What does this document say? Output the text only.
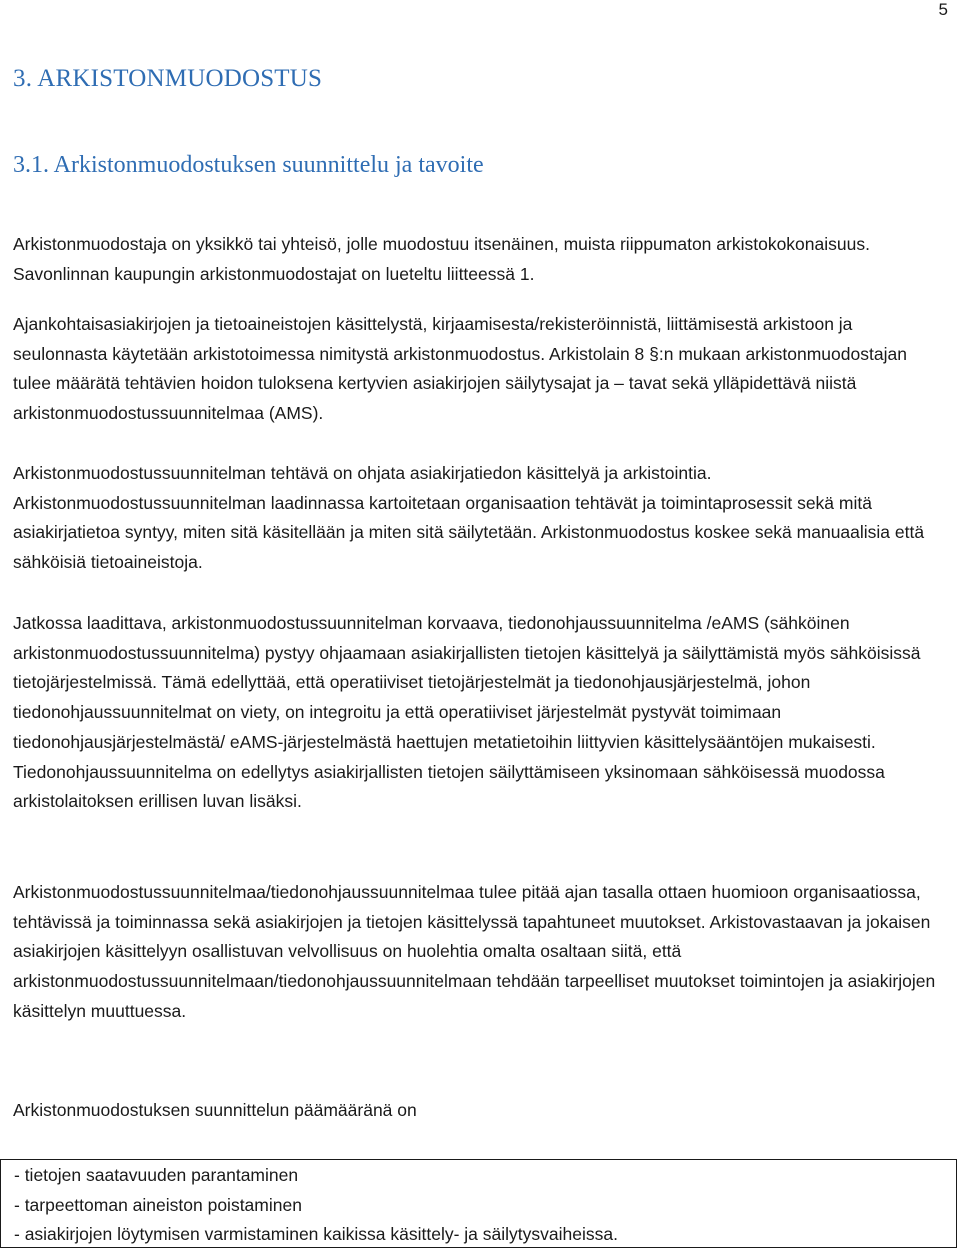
5
3. ARKISTONMUODOSTUS
3.1. Arkistonmuodostuksen suunnittelu ja tavoite

Arkistonmuodostaja on yksikkö tai yhteisö, jolle muodostuu itsenäinen, muista riippumaton arkistokokonaisuus. Savonlinnan kaupungin arkistonmuodostajat on lueteltu liitteessä 1.

Ajankohtaisasiakirjojen ja tietoaineistojen käsittelystä, kirjaamisesta/rekisteröinnistä, liittämisestä arkistoon ja seulonnasta käytetään arkistotoimessa nimitystä arkistonmuodostus. Arkistolain 8 §:n mukaan arkistonmuodostajan tulee määrätä tehtävien hoidon tuloksena kertyvien asiakirjojen säilytysajat ja – tavat sekä ylläpidettävä niistä arkistonmuodostussuunnitelmaa (AMS).

Arkistonmuodostussuunnitelman tehtävä on ohjata asiakirjatiedon käsittelyä ja arkistointia. Arkistonmuodostussuunnitelman laadinnassa kartoitetaan organisaation tehtävät ja toimintaprosessit sekä mitä asiakirjatietoa syntyy, miten sitä käsitellään ja miten sitä säilytetään. Arkistonmuodostus koskee sekä manuaalisia että sähköisiä tietoaineistoja.

Jatkossa laadittava, arkistonmuodostussuunnitelman korvaava, tiedonohjaussuunnitelma /eAMS (sähköinen arkistonmuodostussuunnitelma) pystyy ohjaamaan asiakirjallisten tietojen käsittelyä ja säilyttämistä myös sähköisissä tietojärjestelmissä. Tämä edellyttää, että operatiiviset tietojärjestelmät ja tiedonohjausjärjestelmä, johon tiedonohjaussuunnitelmat on viety, on integroitu ja että operatiiviset järjestelmät pystyvät toimimaan tiedonohjausjärjestelmästä/ eAMS-järjestelmästä haettujen metatietoihin liittyvien käsittelysääntöjen mukaisesti. Tiedonohjaussuunnitelma on edellytys asiakirjallisten tietojen säilyttämiseen yksinomaan sähköisessä muodossa arkistolaitoksen erillisen luvan lisäksi.

Arkistonmuodostussuunnitelmaa/tiedonohjaussuunnitelmaa tulee pitää ajan tasalla ottaen huomioon organisaatiossa, tehtävissä ja toiminnassa sekä asiakirjojen ja tietojen käsittelyssä tapahtuneet muutokset. Arkistovastaavan ja jokaisen asiakirjojen käsittelyyn osallistuvan velvollisuus on huolehtia omalta osaltaan siitä, että arkistonmuodostussuunnitelmaan/tiedonohjaussuunnitelmaan tehdään tarpeelliset muutokset toimintojen ja asiakirjojen käsittelyn muuttuessa.

Arkistonmuodostuksen suunnittelun päämääränä on

- tietojen saatavuuden parantaminen
- tarpeettoman aineiston poistaminen
- asiakirjojen löytymisen varmistaminen kaikissa käsittely- ja säilytysvaiheissa.
